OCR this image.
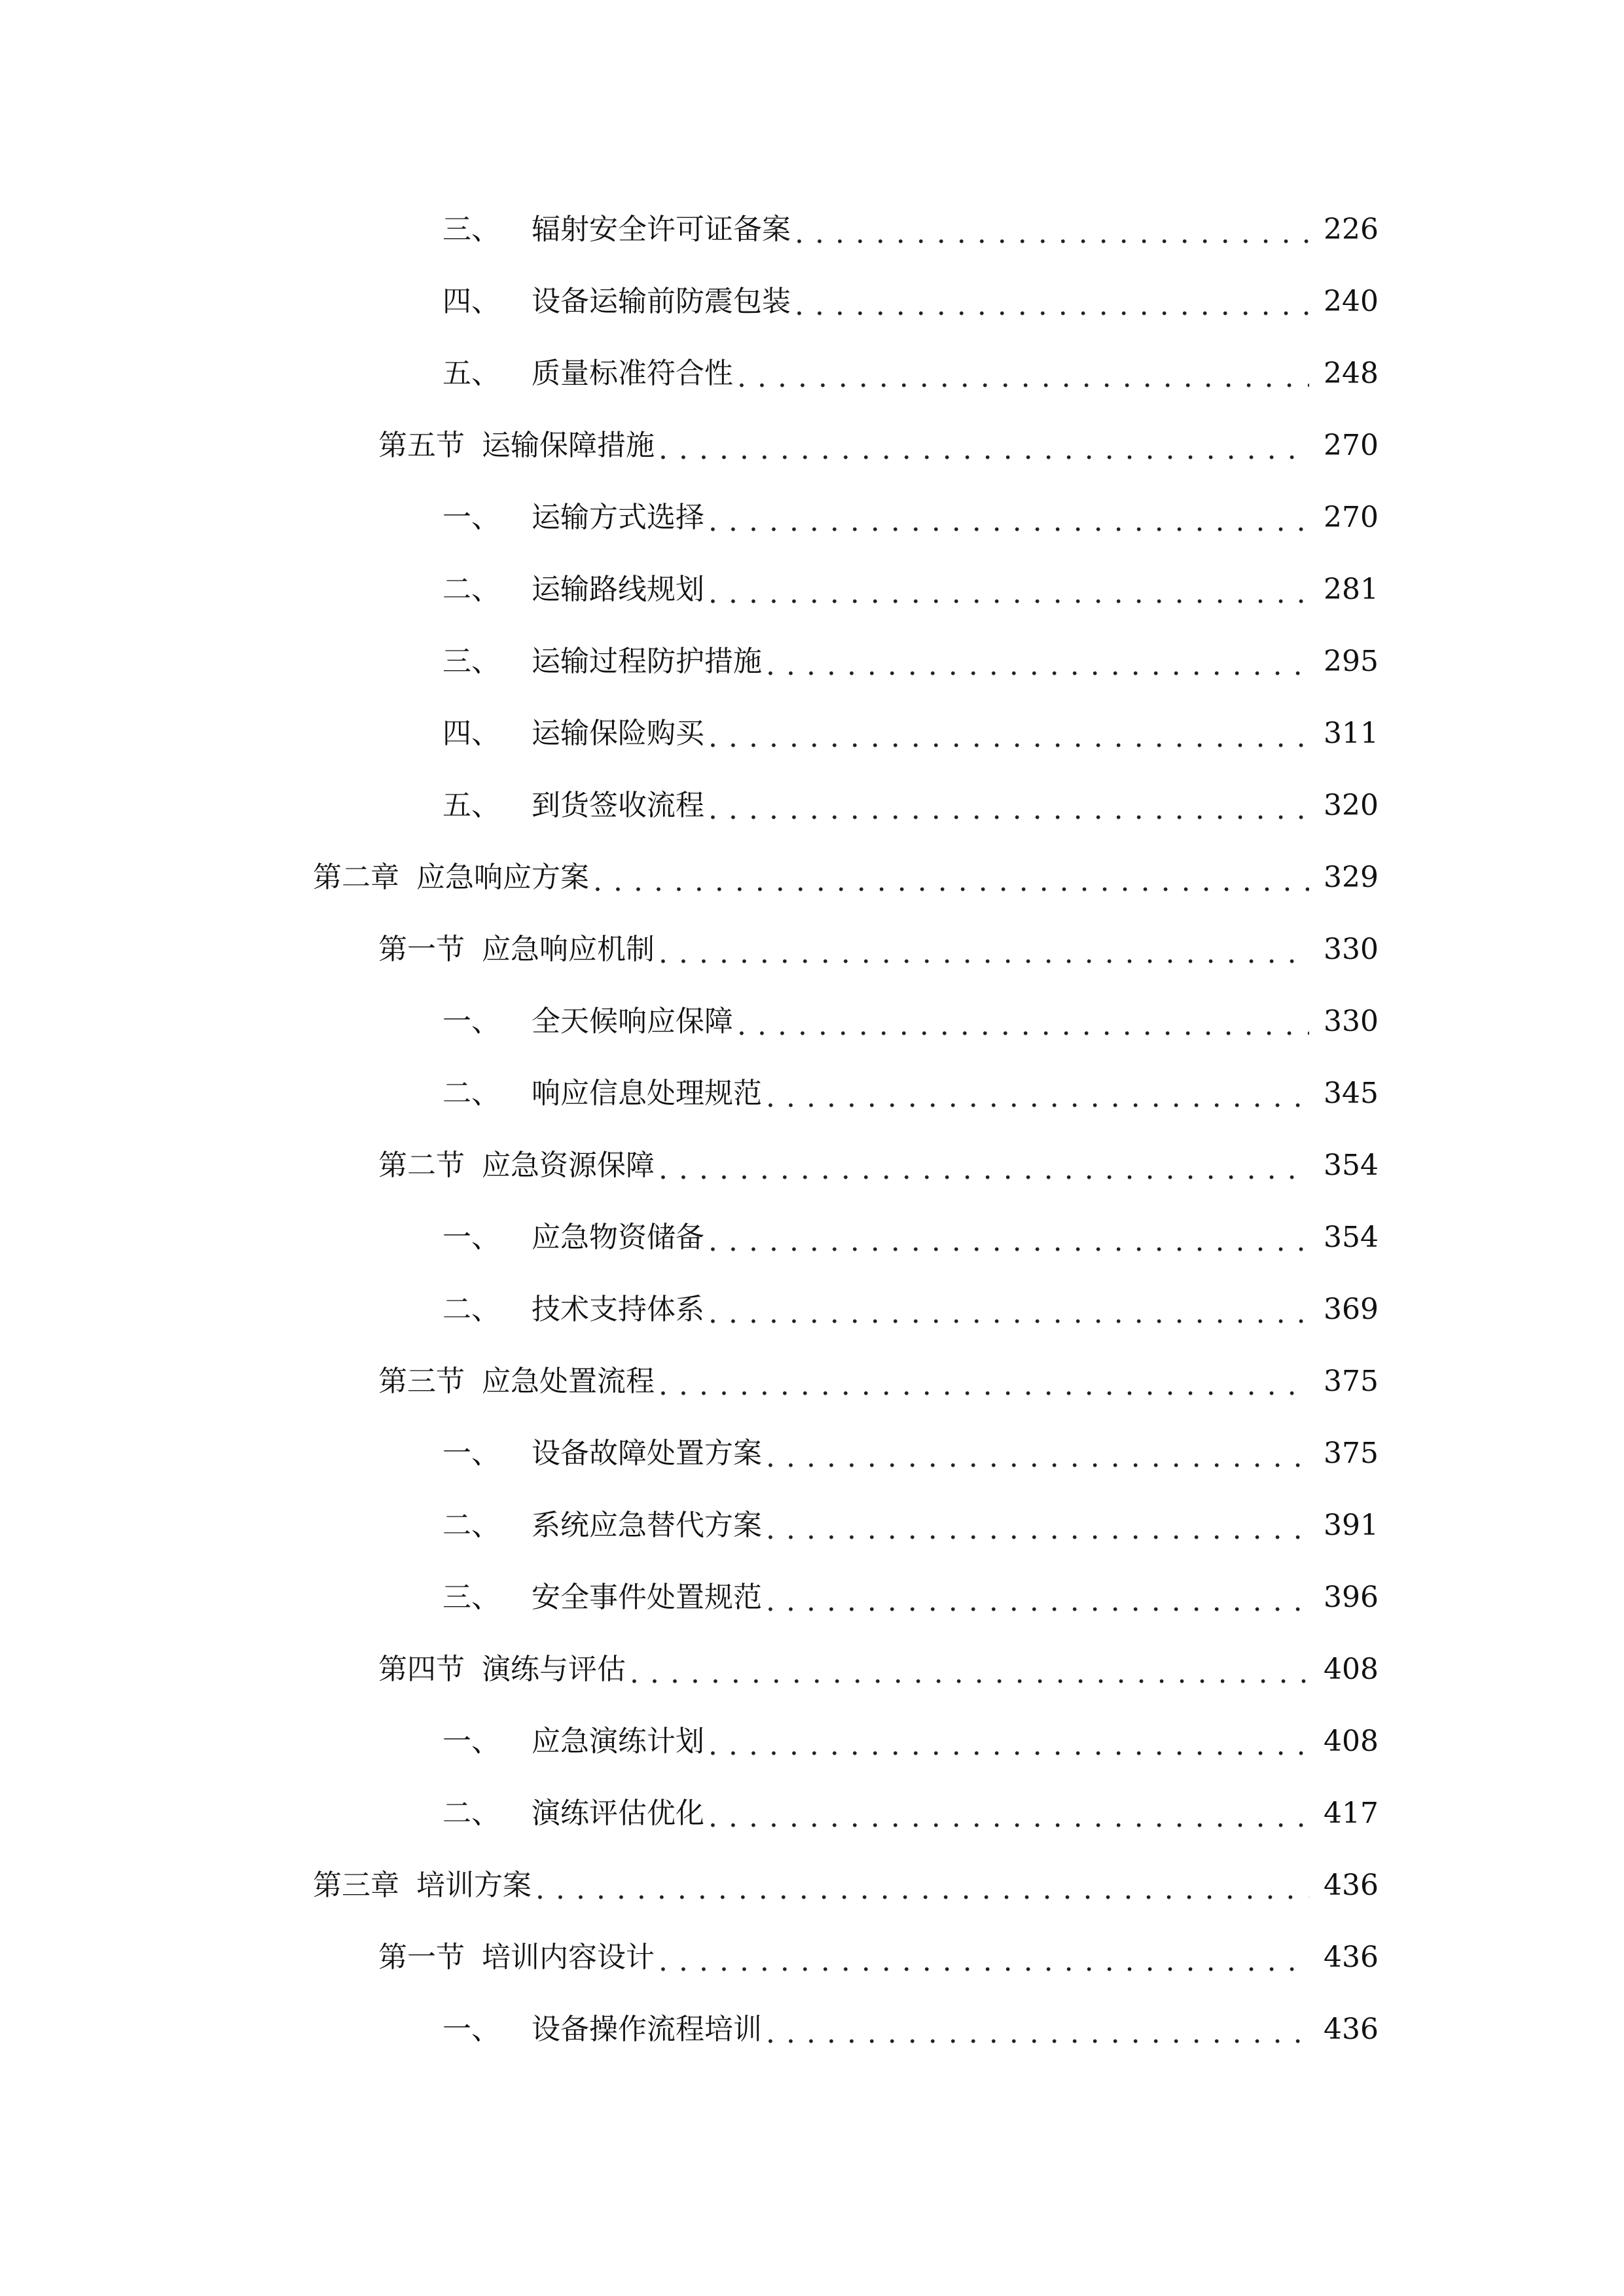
三、 辐射安全许可证备案 .....	226
四、 设备运输前防震包装 .....	240
五、 质量标准符合性 .....	248
第五节 运输保障措施 .....	270
一、 运输方式选择 .....	270
二、 运输路线规划 .....	281
三、 运输过程防护措施 .....	295
四、 运输保险购买 .....	311
五、 到货签收流程 .....	320
第二章 应急响应方案 .....	329
第一节 应急响应机制 .....	330
一、 全天候响应保障 .....	330
二、 响应信息处理规范 .....	345
第二节 应急资源保障 .....	354
一、 应急物资储备 .....	354
二、 技术支持体系 .....	369
第三节 应急处置流程 .....	375
一、 设备故障处置方案 .....	375
二、 系统应急替代方案 .....	391
三、 安全事件处置规范 .....	396
第四节 演练与评估 .....	408
一、 应急演练计划 .....	408
二、 演练评估优化 .....	417
第三章 培训方案 .....	436
第一节 培训内容设计 .....	436
一、 设备操作流程培训 .....	436
